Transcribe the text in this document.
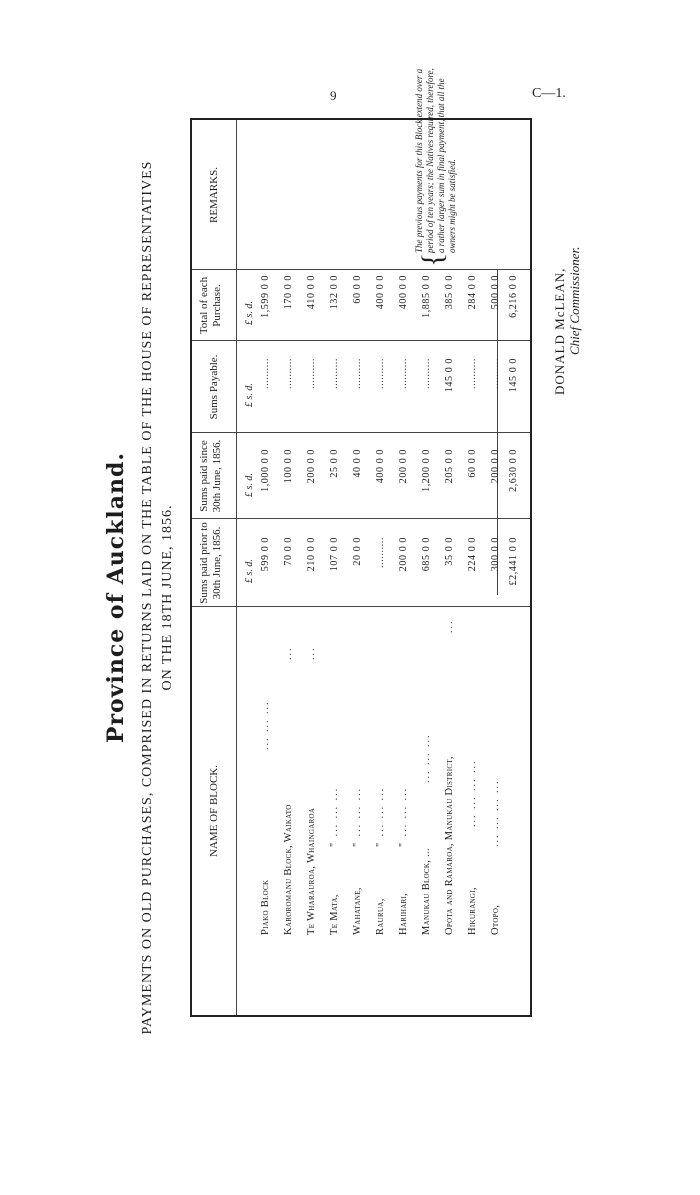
9	C—1.
Province of Auckland. PAYMENTS ON OLD PURCHASES, COMPRISED IN RETURNS LAID ON THE TABLE OF THE HOUSE OF REPRESENTATIVES ON THE 18TH JUNE, 1856.
NAME OF BLOCK.
Sums paid prior to 30th June, 1856.
Sums paid since 30th June, 1856.
Sums Payable.
Total of each Purchase.
REMARKS.
£ s. d.
£ s. d.
£ s. d.
£ s. d.
Piako Block
... ... ...
599 0 0
1,000 0 0
..........
1,599 0 0
Karoromanu Block, Waikato
...
70 0 0
100 0 0
..........
170 0 0
Te Wharauroa, Whaingaroa
...
210 0 0
200 0 0
..........
410 0 0
Te Mata,
" ... ... ...
107 0 0
25 0 0
..........
132 0 0
Wahatane,
" ... ... ...
20 0 0
40 0 0
..........
60 0 0
Raurua,
" ... ... ...
..........
400 0 0
..........
400 0 0
Harihari,
" ... ... ...
200 0 0
200 0 0
..........
400 0 0
Manukau Block, ...
... ... ...
685 0 0
1,200 0 0
..........
1,885 0 0
Opota and Ramaroa, Manukau District,
...
35 0 0
205 0 0
145 0 0
385 0 0
Hikurangi,
... ... ... ...
224 0 0
60 0 0
..........
284 0 0
Otopo,
... ... ... ...
300 0 0
200 0 0
..........
500 0 0
£2,441 0 0
2,630 0 0
145 0 0
6,216 0 0
{
The previous payments for this Block extend over a period of ten years; the Natives required, therefore, a rather larger sum in final payment, that all the owners might be satisfied.
DONALD McLEAN, Chief Commissioner.
